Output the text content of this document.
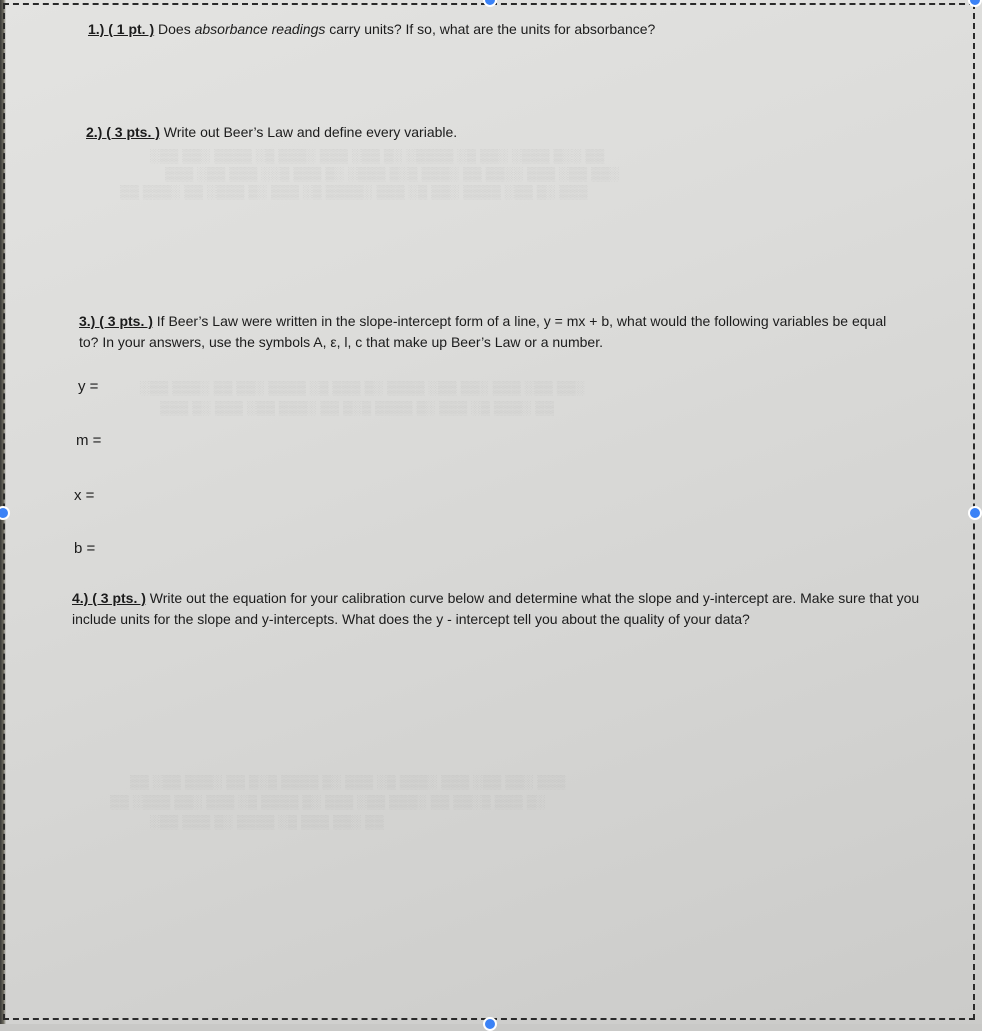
▒▒ ░░▒ ▒▒▒░ ░▒▒ ▒░ ▒▒▒▒░ ░▒ ▒▒░ ▒▒▒ ░▒▒▒ ▒░ ▒▒▒▒ ░▒▒ ▒▒░
░▒▒ ▒▒░ ▒▒▒ ░░▒▒ ▒▒ ░▒▒▒ ▒░▒ ▒▒▒░ ░▒ ▒▒▒ ▒░░ ▒▒▒ ▒▒░ ▒▒▒
▒▒▒ ░▒ ▒▒░ ▒▒▒▒ ░▒▒ ▒░ ▒▒▒ ░▒▒▒▒ ▒░ ▒▒▒ ░▒ ▒▒▒░ ▒▒ ░▒▒▒ ▒▒
░▒▒ ▒▒░ ▒▒▒ ░▒▒ ▒▒░ ▒▒▒▒ ░▒ ▒▒▒ ▒░ ▒▒▒▒ ░▒▒ ▒▒ ░▒▒▒ ▒▒░
▒▒ ░▒▒▒ ▒░ ▒▒▒ ░▒ ▒▒▒▒ ▒░▒ ▒▒ ░▒▒▒ ▒▒░ ▒▒▒ ░▒ ▒▒▒
▒▒▒ ░▒▒ ▒▒░ ▒▒▒ ░▒▒▒ ▒░ ▒▒▒ ░▒ ▒▒▒▒ ▒░▒ ▒▒ ░▒▒▒ ▒▒░ ▒▒
░▒ ▒▒▒ ▒░▒▒ ▒▒ ░▒▒▒ ▒▒░ ▒▒▒ ░▒ ▒▒▒▒ ▒░ ▒▒▒ ░▒▒ ▒▒▒░ ▒▒
▒▒ ░▒▒ ▒▒▒ ▒░ ▒▒▒▒ ░▒ ▒▒▒ ▒▒░
1.) ( 1 pt. ) Does absorbance readings carry units? If so, what are the units for absorbance?
2.) ( 3 pts. ) Write out Beer’s Law and define every variable.
3.) ( 3 pts. ) If Beer’s Law were written in the slope-intercept form of a line, y = mx + b, what would the following variables be equal to? In your answers, use the symbols A, ε, l, c that make up Beer’s Law or a number.
y =
m =
x =
b =
4.) ( 3 pts. ) Write out the equation for your calibration curve below and determine what the slope and y-intercept are. Make sure that you include units for the slope and y-intercepts. What does the y - intercept tell you about the quality of your data?
